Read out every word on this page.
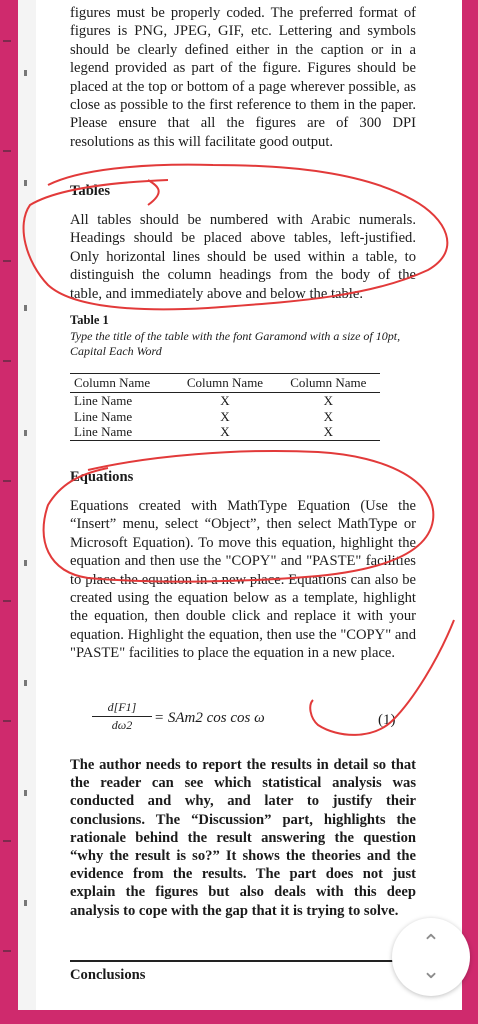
figures must be properly coded. The preferred format of figures is PNG, JPEG, GIF, etc. Lettering and symbols should be clearly defined either in the caption or in a legend provided as part of the figure. Figures should be placed at the top or bottom of a page wherever possible, as close as possible to the first reference to them in the paper. Please ensure that all the figures are of 300 DPI resolutions as this will facilitate good output.

Tables

All tables should be numbered with Arabic numerals. Headings should be placed above tables, left-justified. Only horizontal lines should be used within a table, to distinguish the column headings from the body of the table, and immediately above and below the table.

Table 1
Type the title of the table with the font Garamond with a size of 10pt, Capital Each Word
Column Name	Column Name	Column Name
Line Name	X	X
Line Name	X	X
Line Name	X	X

Equations

Equations created with MathType Equation (Use the “Insert” menu, select “Object”, then select MathType or Microsoft Equation). To move this equation, highlight the equation and then use the "COPY" and "PASTE" facilities to place the equation in a new place. Equations can also be created using the equation below as a template, highlight the equation, then double click and replace it with your equation. Highlight the equation, then use the "COPY" and "PASTE" facilities to place the equation in a new place.

$\frac{d[F1]}{d\omega 2} = SAm2$ cos cos ω	(1)

The author needs to report the results in detail so that the reader can see which statistical analysis was conducted and why, and later to justify their conclusions. The “Discussion” part, highlights the rationale behind the result answering the question “why the result is so?” It shows the theories and the evidence from the results. The part does not just explain the figures but also deals with this deep analysis to cope with the gap that it is trying to solve.

Conclusions

⌃
⌃
